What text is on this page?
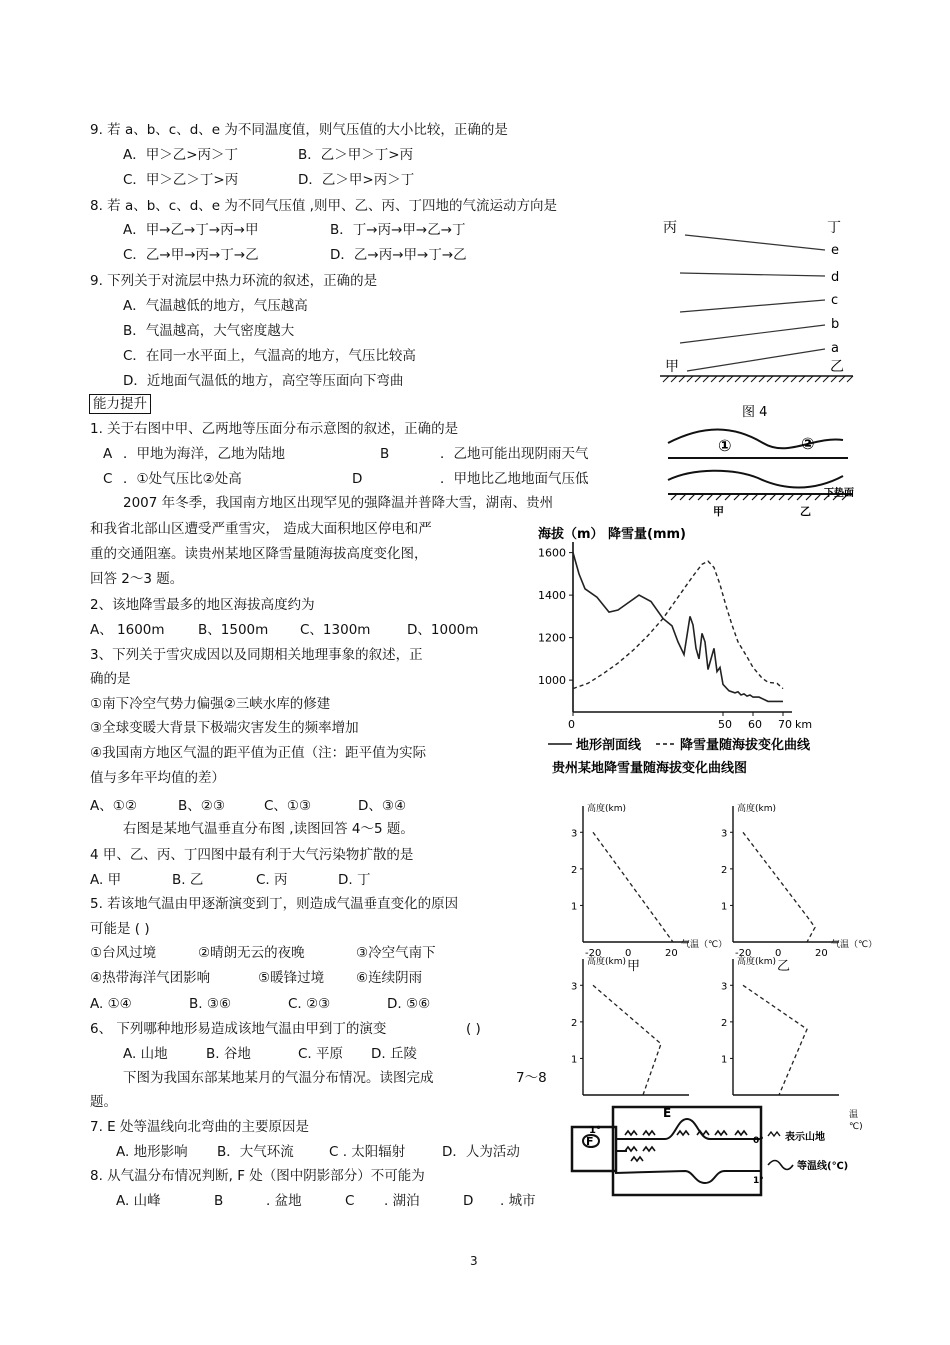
9. 若 a、b、c、d、e 为不同温度值，则气压值的大小比较，正确的是
A．甲＞乙>丙＞丁	B．乙＞甲＞丁>丙
C．甲＞乙＞丁>丙	D．乙＞甲>丙＞丁
8. 若 a、b、c、d、e 为不同气压值 ,则甲、乙、丙、丁四地的气流运动方向是
A．甲→乙→丁→丙→甲	B．丁→丙→甲→乙→丁
C．乙→甲→丙→丁→乙	D．乙→丙→甲→丁→乙
9. 下列关于对流层中热力环流的叙述，正确的是
A．气温越低的地方，气压越高
B．气温越高，大气密度越大
C．在同一水平面上，气温高的地方，气压比较高
D．近地面气温低的地方，高空等压面向下弯曲
能力提升
1. 关于右图中甲、乙两地等压面分布示意图的叙述，正确的是
A ．甲地为海洋，乙地为陆地	B	．乙地可能出现阴雨天气
C ．①处气压比②处高	D	．甲地比乙地地面气压低
2007 年冬季，我国南方地区出现罕见的强降温并普降大雪，湖南、贵州
和我省北部山区遭受严重雪灾， 造成大面积地区停电和严
重的交通阻塞。读贵州某地区降雪量随海拔高度变化图，
回答 2～3 题。
2、该地降雪最多的地区海拔高度约为
A、 1600m B、1500m C、1300m	D、1000m
3、下列关于雪灾成因以及同期相关地理事象的叙述，正
确的是
①南下冷空气势力偏强②三峡水库的修建
③全球变暖大背景下极端灾害发生的频率增加
④我国南方地区气温的距平值为正值（注：距平值为实际
值与多年平均值的差）
A、①②	B、②③	C、①③	D、③④
右图是某地气温垂直分布图 ,读图回答 4～5 题。
4 甲、乙、丙、丁四图中最有利于大气污染物扩散的是
A. 甲	B. 乙	C. 丙	D. 丁
5. 若该地气温由甲逐渐演变到丁，则造成气温垂直变化的原因
可能是 ( )
①台风过境	②晴朗无云的夜晚	③冷空气南下
④热带海洋气团影响	⑤暖锋过境 ⑥连续阴雨
A. ①④	B. ③⑥	C. ②③	D. ⑤⑥
6、 下列哪种地形易造成该地气温由甲到丁的演变	( )
A. 山地	B. 谷地	C. 平原 D. 丘陵
下图为我国东部某地某月的气温分布情况。读图完成	7～8
题。
7. E 处等温线向北弯曲的主要原因是
A. 地形影响 B．大气环流	C . 太阳辐射	D．人为活动
8. 从气温分布情况判断, F 处（图中阴影部分）不可能为
A. 山峰	B	. 盆地	C . 湖泊	D . 城市
3
丙	丁
e
d
c
b
a
甲	乙
图 4
①	②
下垫面
甲	乙
海拔（m） 降雪量(mm)
km
1000
1200
1400
1600
0	50 60 70
地形剖面线	降雪量随海拔变化曲线
贵州某地降雪量随海拔变化曲线图
高度(km)
1
2
3
-20 0	20
气温（℃）
甲
高度(km)
1
2
3
-20 0	20
气温（℃）
乙
高度(km)
1
2
3
高度(km)
1
2
3
1°
F
E
0°
1°
表示山地
等温线(℃)
温
℃)
